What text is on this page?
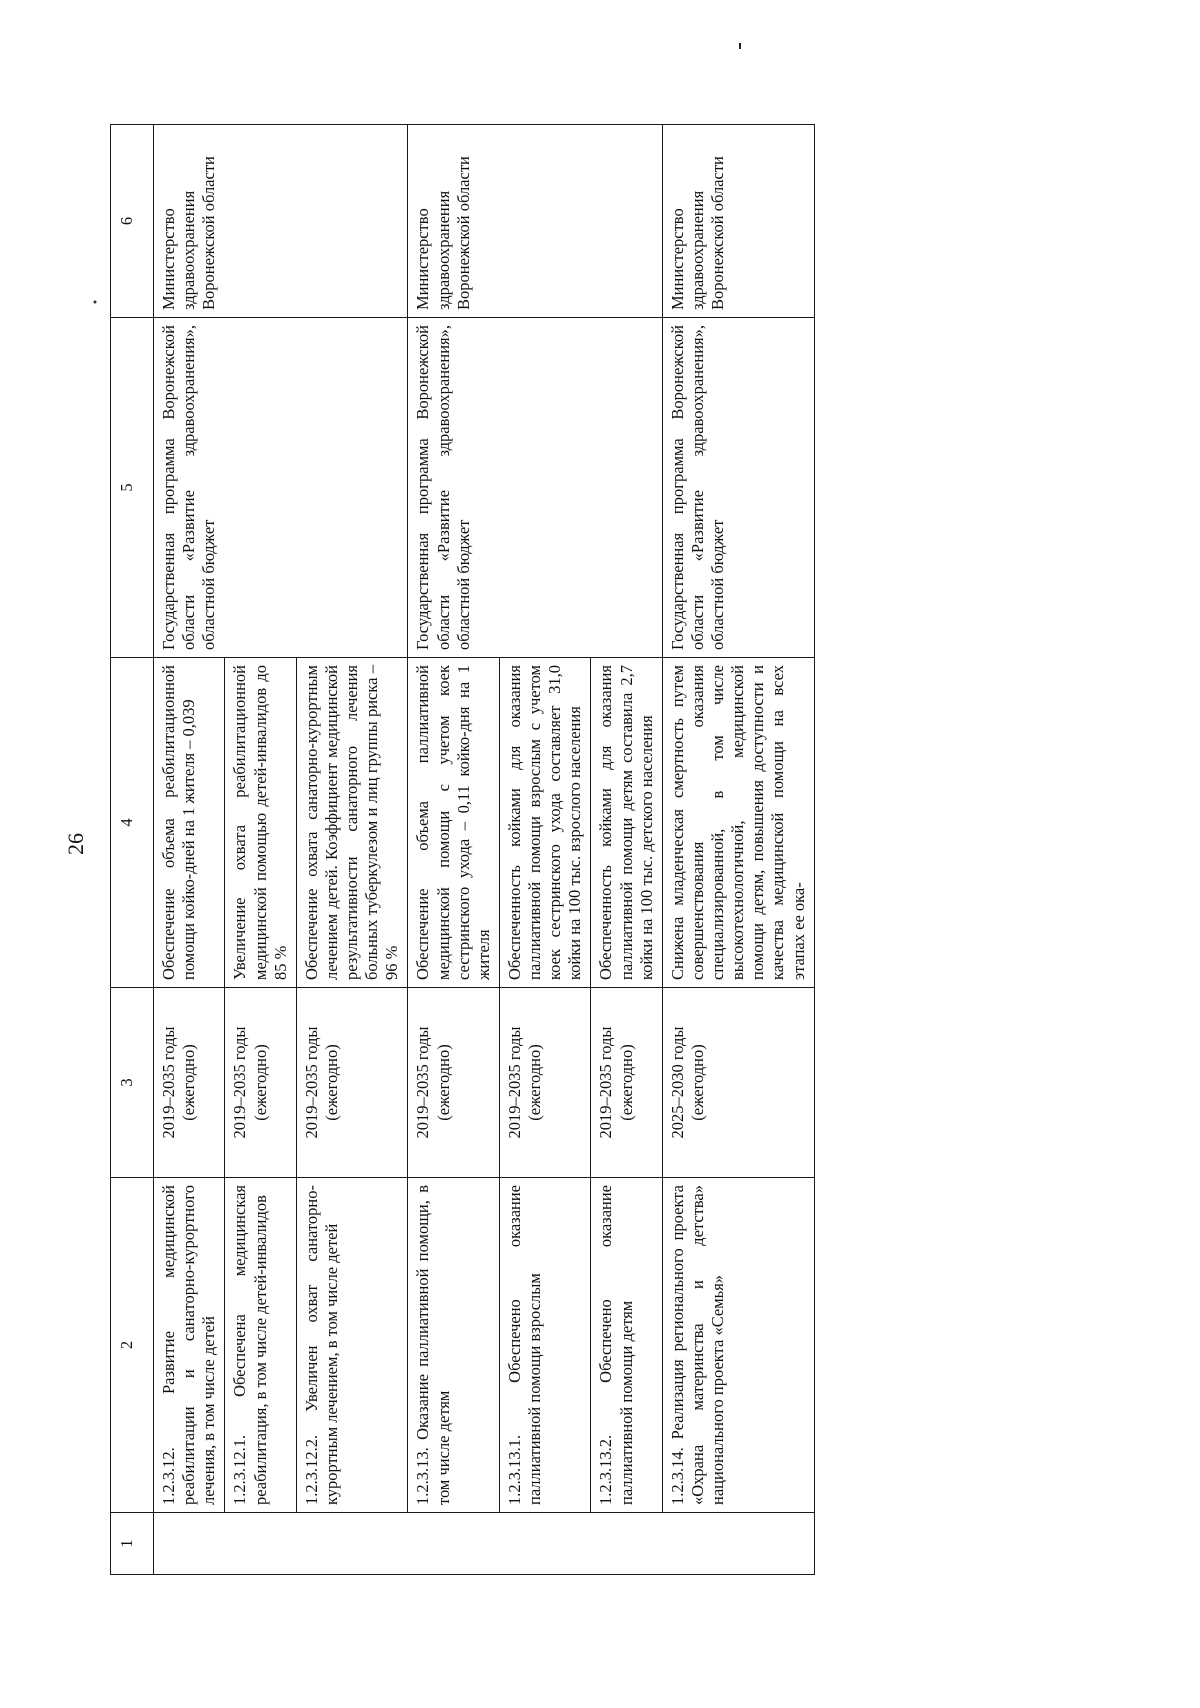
26
1	2	3	4	5	6
	1.2.3.12. Развитие медицинской реабилитации и санаторно-курортного лечения, в том числе детей	2019–2035 годы (ежегодно)	Обеспечение объема реабилитационной помощи койко-дней на 1 жителя – 0,039	Государственная программа Воронежской области «Развитие здравоохранения», областной бюджет	Министерство здравоохранения Воронежской области
	1.2.3.12.1. Обеспечена медицинская реабилитация, в том числе детей-инвалидов	2019–2035 годы (ежегодно)	Увеличение охвата реабилитационной медицинской помощью детей-инвалидов до 85 %		
	1.2.3.12.2. Увеличен охват санаторно-курортным лечением, в том числе детей	2019–2035 годы (ежегодно)	Обеспечение охвата санаторно-курортным лечением детей. Коэффициент медицинской результативности санаторного лечения больных туберкулезом и лиц группы риска – 96 %		
	1.2.3.13. Оказание паллиативной помощи, в том числе детям	2019–2035 годы (ежегодно)	Обеспечение объема паллиативной медицинской помощи с учетом коек сестринского ухода – 0,11 койко-дня на 1 жителя	Государственная программа Воронежской области «Развитие здравоохранения», областной бюджет	Министерство здравоохранения Воронежской области
	1.2.3.13.1. Обеспечено оказание паллиативной помощи взрослым	2019–2035 годы (ежегодно)	Обеспеченность койками для оказания паллиативной помощи взрослым с учетом коек сестринского ухода составляет 31,0 койки на 100 тыс. взрослого населения		
	1.2.3.13.2. Обеспечено оказание паллиативной помощи детям	2019–2035 годы (ежегодно)	Обеспеченность койками для оказания паллиативной помощи детям составила 2,7 койки на 100 тыс. детского населения		
	1.2.3.14. Реализация регионального проекта «Охрана материнства и детства» национального проекта «Семья»	2025–2030 годы (ежегодно)	Снижена младенческая смертность путем совершенствования оказания специализированной, в том числе высокотехнологичной, медицинской помощи детям, повышения доступности и качества медицинской помощи на всех этапах ее ока-	Государственная программа Воронежской области «Развитие здравоохранения», областной бюджет	Министерство здравоохранения Воронежской области
